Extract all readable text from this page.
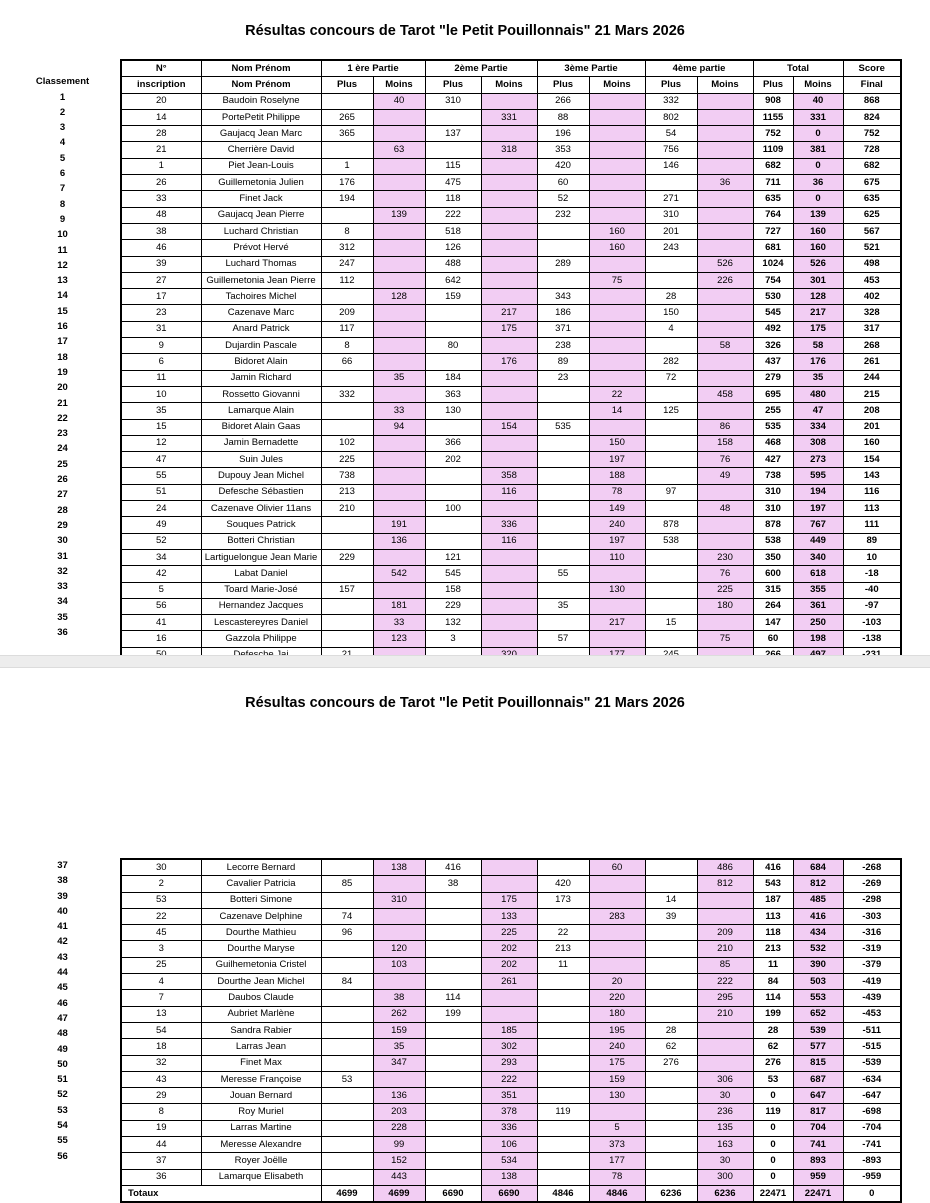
Résultas concours de Tarot "le Petit Pouillonnais" 21 Mars 2026
Classement
1
2
3
4
5
6
7
8
9
10
11
12
13
14
15
16
17
18
19
20
21
22
23
24
25
26
27
28
29
30
31
32
33
34
35
36
N°	Nom Prénom	1 ère Partie		2ème Partie		3ème Partie		4ème partie		Total		Score
inscription	Nom Prénom	Plus	Moins	Plus	Moins	Plus	Moins	Plus	Moins	Plus	Moins	Final
20	Baudoin Roselyne		40	310		266		332		908	40	868
14	PortePetit Philippe	265			331	88		802		1155	331	824
28	Gaujacq Jean Marc	365		137		196		54		752	0	752
21	Cherrière David		63		318	353		756		1109	381	728
1	Piet Jean-Louis	1		115		420		146		682	0	682
26	Guillemetonia Julien	176		475		60			36	711	36	675
33	Finet Jack	194		118		52		271		635	0	635
48	Gaujacq Jean Pierre		139	222		232		310		764	139	625
38	Luchard Christian	8		518			160	201		727	160	567
46	Prévot Hervé	312		126			160	243		681	160	521
39	Luchard Thomas	247		488		289			526	1024	526	498
27	Guillemetonia Jean Pierre	112		642			75		226	754	301	453
17	Tachoires Michel		128	159		343		28		530	128	402
23	Cazenave Marc	209			217	186		150		545	217	328
31	Anard Patrick	117			175	371		4		492	175	317
9	Dujardin Pascale	8		80		238			58	326	58	268
6	Bidoret Alain	66			176	89		282		437	176	261
11	Jamin Richard		35	184		23		72		279	35	244
10	Rossetto Giovanni	332		363			22		458	695	480	215
35	Lamarque Alain		33	130			14	125		255	47	208
15	Bidoret Alain Gaas		94		154	535			86	535	334	201
12	Jamin Bernadette	102		366			150		158	468	308	160
47	Suin Jules	225		202			197		76	427	273	154
55	Dupouy Jean Michel	738			358		188		49	738	595	143
51	Defesche Sébastien	213			116		78	97		310	194	116
24	Cazenave Olivier 11ans	210		100			149		48	310	197	113
49	Souques Patrick		191		336		240	878		878	767	111
52	Botteri Christian		136		116		197	538		538	449	89
34	Lartiguelongue Jean Marie	229		121			110		230	350	340	10
42	Labat Daniel		542	545		55			76	600	618	-18
5	Toard Marie-José	157		158			130		225	315	355	-40
56	Hernandez Jacques		181	229		35			180	264	361	-97
41	Lescastereyres Daniel		33	132			217	15		147	250	-103
16	Gazzola Philippe		123	3		57			75	60	198	-138

Résultas concours de Tarot "le Petit Pouillonnais" 21 Mars 2026
37
38
39
40
41
42
43
44
45
46
47
48
49
50
51
52
53
54
55
56
30	Lecorre Bernard		138	416			60		486	416	684	-268
2	Cavalier Patricia	85		38		420			812	543	812	-269
53	Botteri Simone		310		175	173		14		187	485	-298
22	Cazenave Delphine	74			133		283	39		113	416	-303
45	Dourthe Mathieu	96			225	22			209	118	434	-316
3	Dourthe Maryse		120		202	213			210	213	532	-319
25	Guilhemetonia Cristel		103		202	11			85	11	390	-379
4	Dourthe Jean Michel	84			261		20		222	84	503	-419
7	Daubos Claude		38	114			220		295	114	553	-439
13	Aubriet Marlène		262	199			180		210	199	652	-453
54	Sandra Rabier		159		185		195	28		28	539	-511
18	Larras Jean		35		302		240	62		62	577	-515
32	Finet Max		347		293		175	276		276	815	-539
43	Meresse Françoise	53			222		159		306	53	687	-634
29	Jouan Bernard		136		351		130		30	0	647	-647
8	Roy Muriel		203		378	119			236	119	817	-698
19	Larras Martine		228		336		5		135	0	704	-704
44	Meresse Alexandre		99		106		373		163	0	741	-741
37	Royer Joëlle		152		534		177		30	0	893	-893
36	Lamarque Elisabeth		443		138		78		300	0	959	-959
Totaux		4699	4699	6690	6690	4846	4846	6236	6236	22471	22471	0
